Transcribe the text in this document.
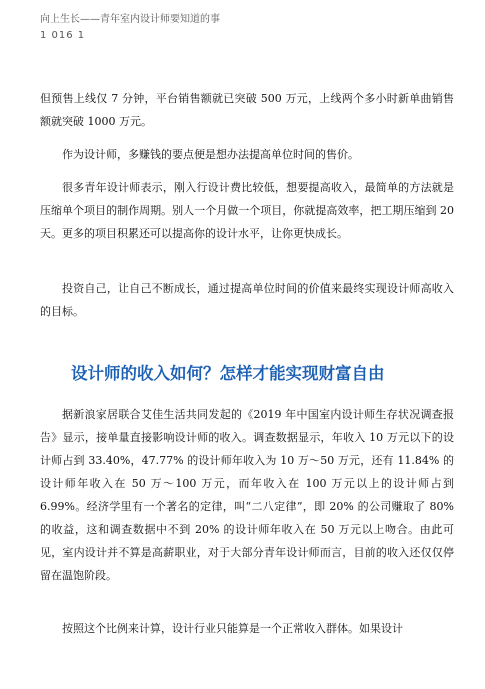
向上生长——青年室内设计师要知道的事
1 016 1

但预售上线仅 7 分钟，平台销售额就已突破 500 万元，上线两个多小时新单曲销售额就突破 1000 万元。

作为设计师，多赚钱的要点便是想办法提高单位时间的售价。

很多青年设计师表示，刚入行设计费比较低，想要提高收入，最简单的方法就是压缩单个项目的制作周期。别人一个月做一个项目，你就提高效率，把工期压缩到 20 天。更多的项目积累还可以提高你的设计水平，让你更快成长。

投资自己，让自己不断成长，通过提高单位时间的价值来最终实现设计师高收入的目标。

设计师的收入如何？怎样才能实现财富自由

据新浪家居联合艾佳生活共同发起的《2019 年中国室内设计师生存状况调查报告》显示，接单量直接影响设计师的收入。调查数据显示，年收入 10 万元以下的设计师占到 33.40%，47.77% 的设计师年收入为 10 万～50 万元，还有 11.84% 的设计师年收入在 50 万～100 万元，而年收入在 100 万元以上的设计师占到 6.99%。经济学里有一个著名的定律，叫“二八定律”，即 20% 的公司赚取了 80% 的收益，这和调查数据中不到 20% 的设计师年收入在 50 万元以上吻合。由此可见，室内设计并不算是高薪职业，对于大部分青年设计师而言，目前的收入还仅仅停留在温饱阶段。

按照这个比例来计算，设计行业只能算是一个正常收入群体。如果设计
